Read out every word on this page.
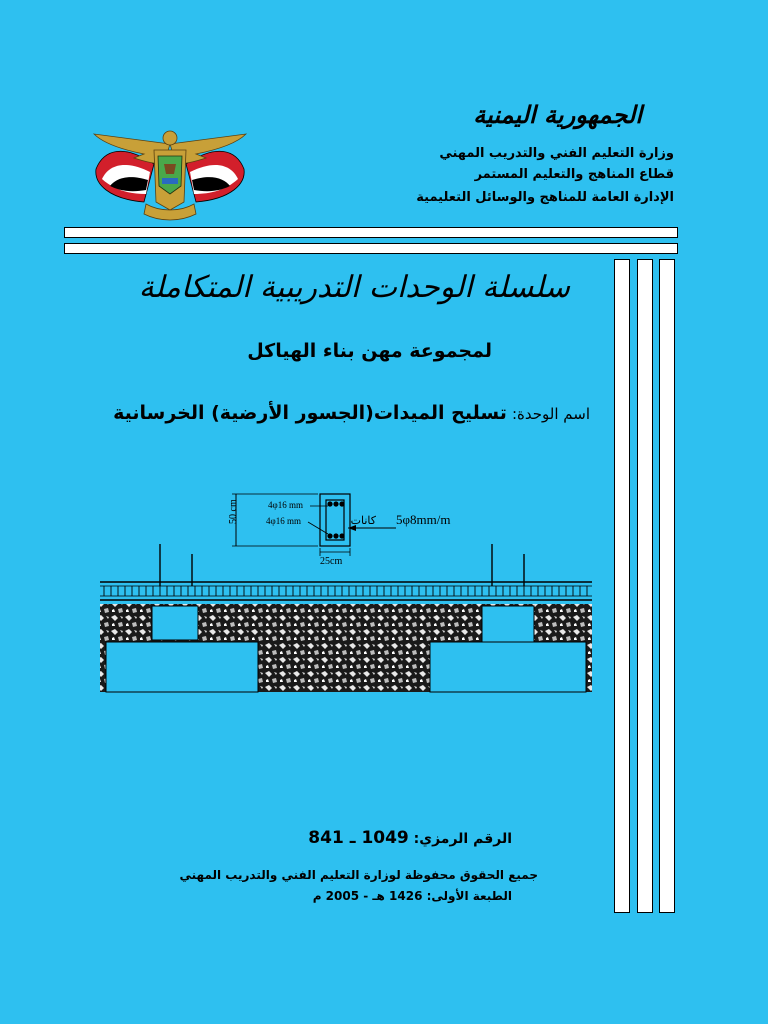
الجمهورية اليمنية
وزارة التعليم الفني والتدريب المهني
قطاع المناهج والتعليم المستمر
الإدارة العامة للمناهج والوسائل التعليمية
سلسلة الوحدات التدريبية المتكاملة
لمجموعة مهن بناء الهياكل
اسم الوحدة: تسليح الميدات(الجسور الأرضية) الخرسانية
50 cm
25cm
4φ16 mm
4φ16 mm	كانات 5φ8mm/m
الرقم الرمزي: 1049 ـ 841
جميع الحقوق محفوظة لوزارة التعليم الفني والتدريب المهني
الطبعة الأولى: 1426 هـ - 2005 م
